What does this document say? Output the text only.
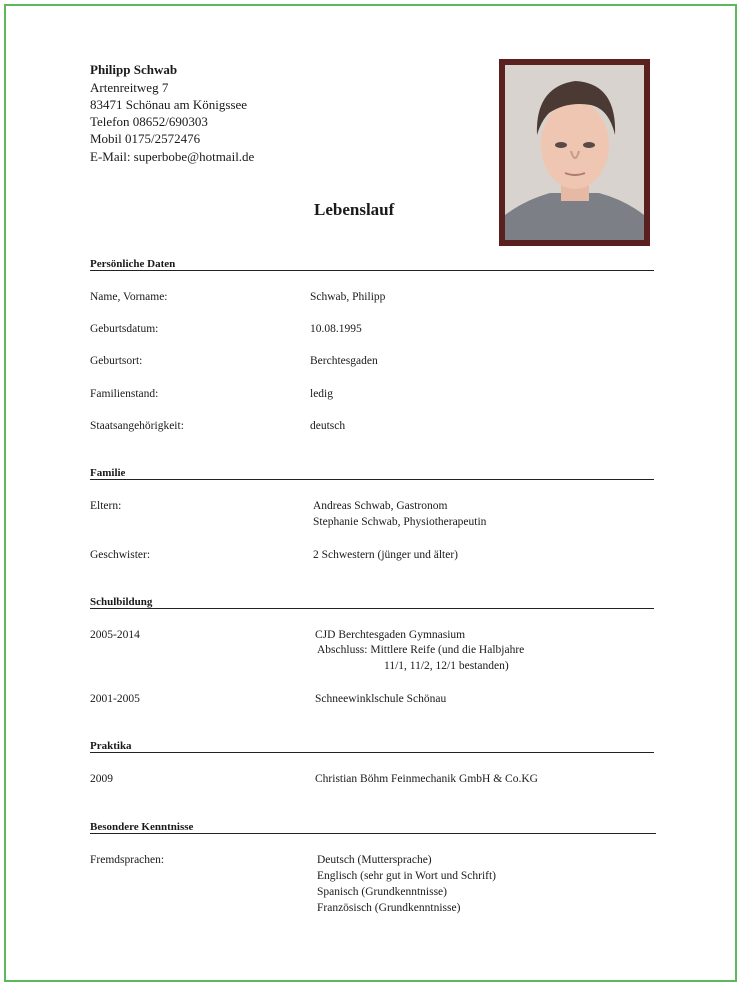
Philipp Schwab
Artenreitweg 7
83471 Schönau am Königssee
Telefon 08652/690303
Mobil 0175/2572476
E-Mail: superbobe@hotmail.de
Lebenslauf
Persönliche Daten
Name, Vorname:	Schwab, Philipp
Geburtsdatum:	10.08.1995
Geburtsort:	Berchtesgaden
Familienstand:	ledig
Staatsangehörigkeit:	deutsch
Familie
Eltern:	Andreas Schwab, Gastronom
Stephanie Schwab, Physiotherapeutin
Geschwister:	2 Schwestern (jünger und älter)
Schulbildung
2005-2014	CJD Berchtesgaden Gymnasium
Abschluss: Mittlere Reife (und die Halbjahre
11/1, 11/2, 12/1 bestanden)
2001-2005	Schneewinklschule Schönau
Praktika
2009	Christian Böhm Feinmechanik GmbH & Co.KG
Besondere Kenntnisse
Fremdsprachen:	Deutsch (Muttersprache)
Englisch (sehr gut in Wort und Schrift)
Spanisch (Grundkenntnisse)
Französisch (Grundkenntnisse)
